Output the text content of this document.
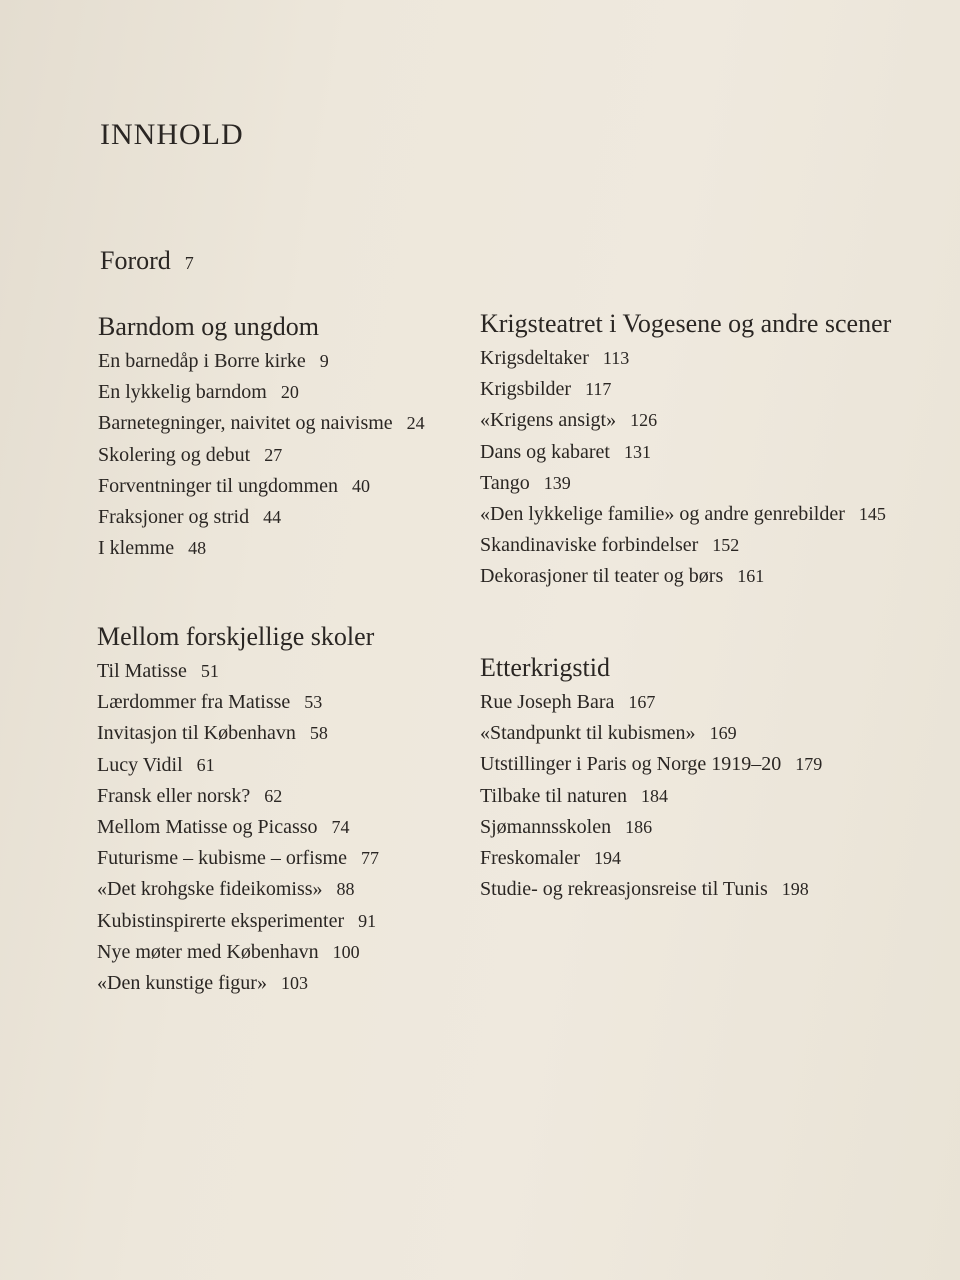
INNHOLD
Forord 7
Barndom og ungdom
En barnedåp i Borre kirke 9
En lykkelig barndom 20
Barnetegninger, naivitet og naivisme 24
Skolering og debut 27
Forventninger til ungdommen 40
Fraksjoner og strid 44
I klemme 48
Mellom forskjellige skoler
Til Matisse 51
Lærdommer fra Matisse 53
Invitasjon til København 58
Lucy Vidil 61
Fransk eller norsk? 62
Mellom Matisse og Picasso 74
Futurisme – kubisme – orfisme 77
«Det krohgske fideikomiss» 88
Kubistinspirerte eksperimenter 91
Nye møter med København 100
«Den kunstige figur» 103
Krigsteatret i Vogesene og andre scener
Krigsdeltaker 113
Krigsbilder 117
«Krigens ansigt» 126
Dans og kabaret 131
Tango 139
«Den lykkelige familie» og andre genrebilder 145
Skandinaviske forbindelser 152
Dekorasjoner til teater og børs 161
Etterkrigstid
Rue Joseph Bara 167
«Standpunkt til kubismen» 169
Utstillinger i Paris og Norge 1919–20 179
Tilbake til naturen 184
Sjømannsskolen 186
Freskomaler 194
Studie- og rekreasjonsreise til Tunis 198
